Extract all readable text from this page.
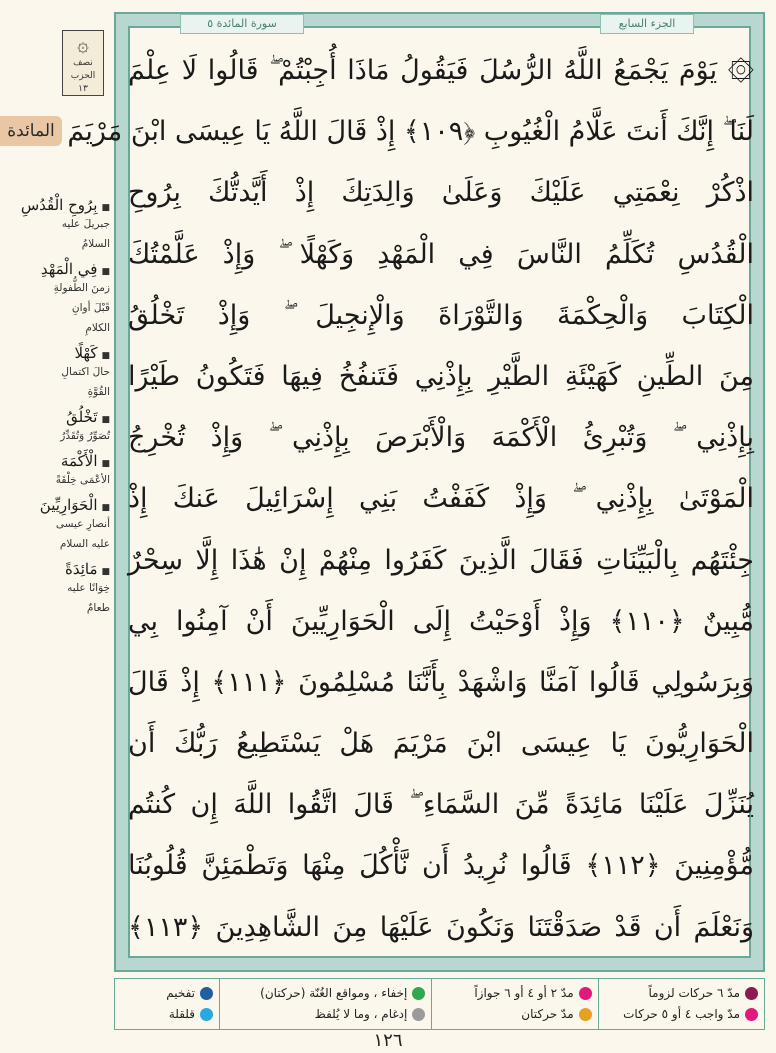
الجزء السابع
سورة المائدة ٥
۞ يَوْمَ يَجْمَعُ اللَّهُ الرُّسُلَ فَيَقُولُ مَاذَا أُجِبْتُمْ ۖ قَالُوا لَا عِلْمَ
لَنَا ۖ إِنَّكَ أَنتَ عَلَّامُ الْغُيُوبِ ﴿١٠٩﴾ إِذْ قَالَ اللَّهُ يَا عِيسَى ابْنَ مَرْيَمَ
اذْكُرْ نِعْمَتِي عَلَيْكَ وَعَلَىٰ وَالِدَتِكَ إِذْ أَيَّدتُّكَ بِرُوحِ
الْقُدُسِ تُكَلِّمُ النَّاسَ فِي الْمَهْدِ وَكَهْلًا ۖ وَإِذْ عَلَّمْتُكَ
الْكِتَابَ وَالْحِكْمَةَ وَالتَّوْرَاةَ وَالْإِنجِيلَ ۖ وَإِذْ تَخْلُقُ
مِنَ الطِّينِ كَهَيْئَةِ الطَّيْرِ بِإِذْنِي فَتَنفُخُ فِيهَا فَتَكُونُ طَيْرًا
بِإِذْنِي ۖ وَتُبْرِئُ الْأَكْمَهَ وَالْأَبْرَصَ بِإِذْنِي ۖ وَإِذْ تُخْرِجُ
الْمَوْتَىٰ بِإِذْنِي ۖ وَإِذْ كَفَفْتُ بَنِي إِسْرَائِيلَ عَنكَ إِذْ
جِئْتَهُم بِالْبَيِّنَاتِ فَقَالَ الَّذِينَ كَفَرُوا مِنْهُمْ إِنْ هَٰذَا إِلَّا سِحْرٌ
مُّبِينٌ ﴿١١٠﴾ وَإِذْ أَوْحَيْتُ إِلَى الْحَوَارِيِّينَ أَنْ آمِنُوا بِي
وَبِرَسُولِي قَالُوا آمَنَّا وَاشْهَدْ بِأَنَّنَا مُسْلِمُونَ ﴿١١١﴾ إِذْ قَالَ
الْحَوَارِيُّونَ يَا عِيسَى ابْنَ مَرْيَمَ هَلْ يَسْتَطِيعُ رَبُّكَ أَن
يُنَزِّلَ عَلَيْنَا مَائِدَةً مِّنَ السَّمَاءِ ۖ قَالَ اتَّقُوا اللَّهَ إِن كُنتُم
مُّؤْمِنِينَ ﴿١١٢﴾ قَالُوا نُرِيدُ أَن نَّأْكُلَ مِنْهَا وَتَطْمَئِنَّ قُلُوبُنَا
وَنَعْلَمَ أَن قَدْ صَدَقْتَنَا وَنَكُونَ عَلَيْهَا مِنَ الشَّاهِدِينَ ﴿١١٣﴾
۞
نصف
الحزب
١٣
المائدة
■ بِرُوحِ الْقُدُسِ
جبريلَ عليه
السلامُ
■ فِي الْمَهْدِ
زمنَ الطُّفولةِ
قَبْلَ أوانِ
الكلامِ
■ كَهْلًا
حالَ اكتمالِ
القُوَّةِ
■ تَخْلُقُ
تُصَوِّرُ وَتُقَدِّرُ
■ الْأَكْمَهَ
الأعْمَى خِلْقَةً
■ الْحَوَارِيِّينَ
أنصارِ عيسى
عليه السلام
■ مَائِدَةً
خِوَانًا عليه
طعامٌ
مدّ ٦ حركات لزوماً
مدّ واجب ٤ أو ٥ حركات
مدّ ٢ أو ٤ أو ٦ جوازاً
مدّ حركتان
إخفاء ، ومواقع الغُنّة (حركتان)
إدغام ، وما لا يُلفظ
تفخيم
قلقلة
١٢٦
